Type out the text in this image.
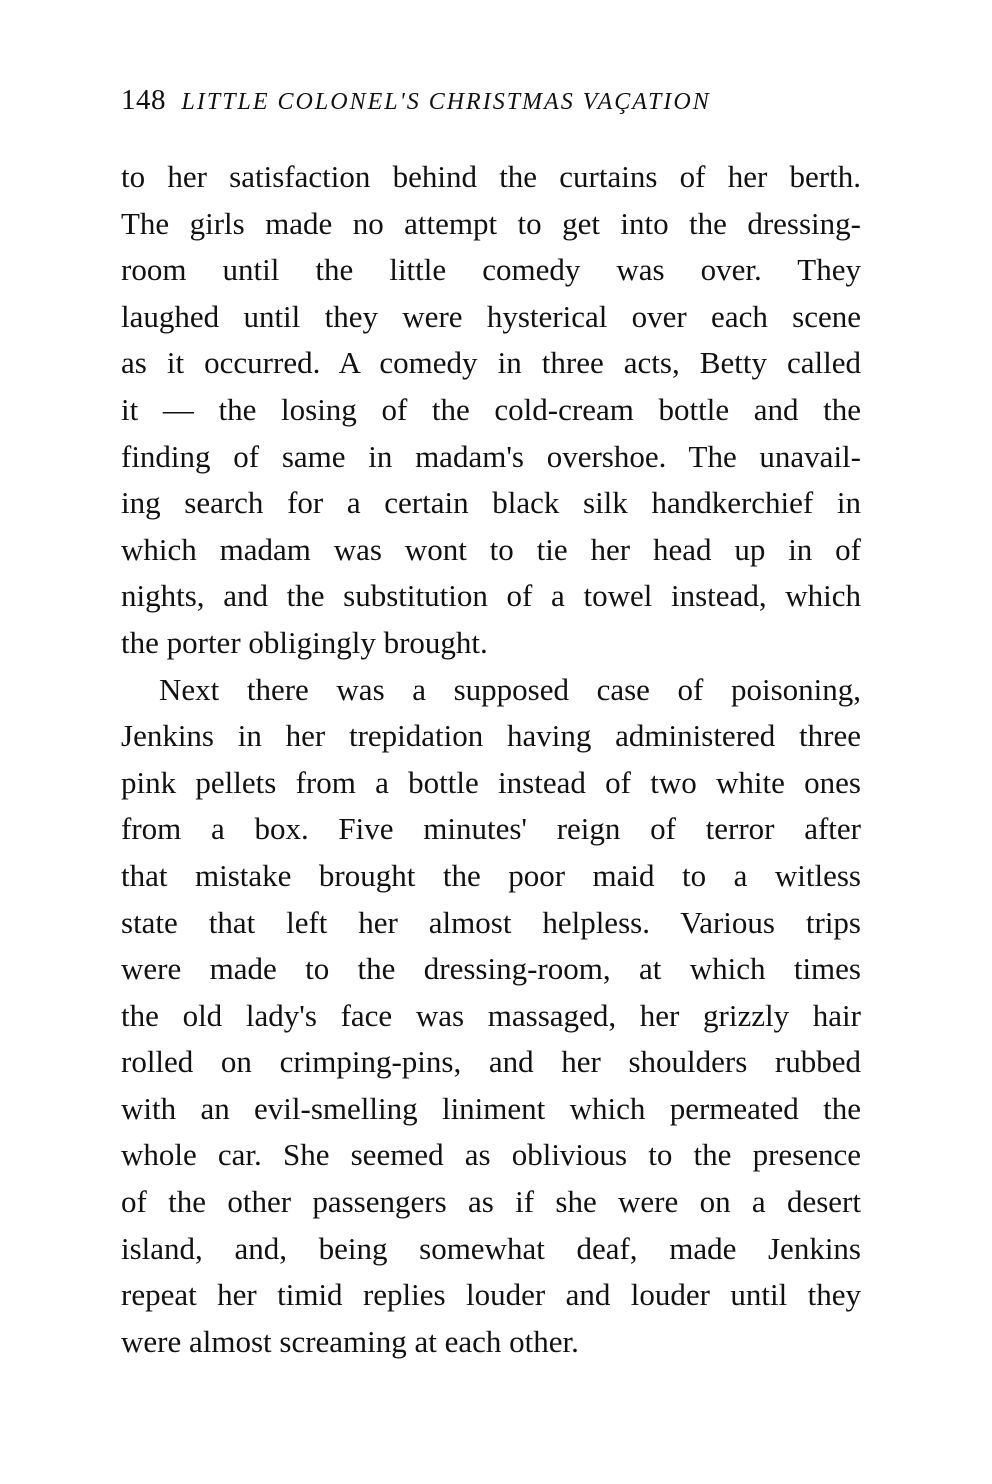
148 LITTLE COLONEL'S CHRISTMAS VAÇATION
to her satisfaction behind the curtains of her berth.
The girls made no attempt to get into the dressing-
room until the little comedy was over. They
laughed until they were hysterical over each scene
as it occurred. A comedy in three acts, Betty called
it — the losing of the cold-cream bottle and the
finding of same in madam's overshoe. The unavail-
ing search for a certain black silk handkerchief in
which madam was wont to tie her head up in of
nights, and the substitution of a towel instead, which
the porter obligingly brought.
Next there was a supposed case of poisoning,
Jenkins in her trepidation having administered three
pink pellets from a bottle instead of two white ones
from a box. Five minutes' reign of terror after
that mistake brought the poor maid to a witless
state that left her almost helpless. Various trips
were made to the dressing-room, at which times
the old lady's face was massaged, her grizzly hair
rolled on crimping-pins, and her shoulders rubbed
with an evil-smelling liniment which permeated the
whole car. She seemed as oblivious to the presence
of the other passengers as if she were on a desert
island, and, being somewhat deaf, made Jenkins
repeat her timid replies louder and louder until they
were almost screaming at each other.
